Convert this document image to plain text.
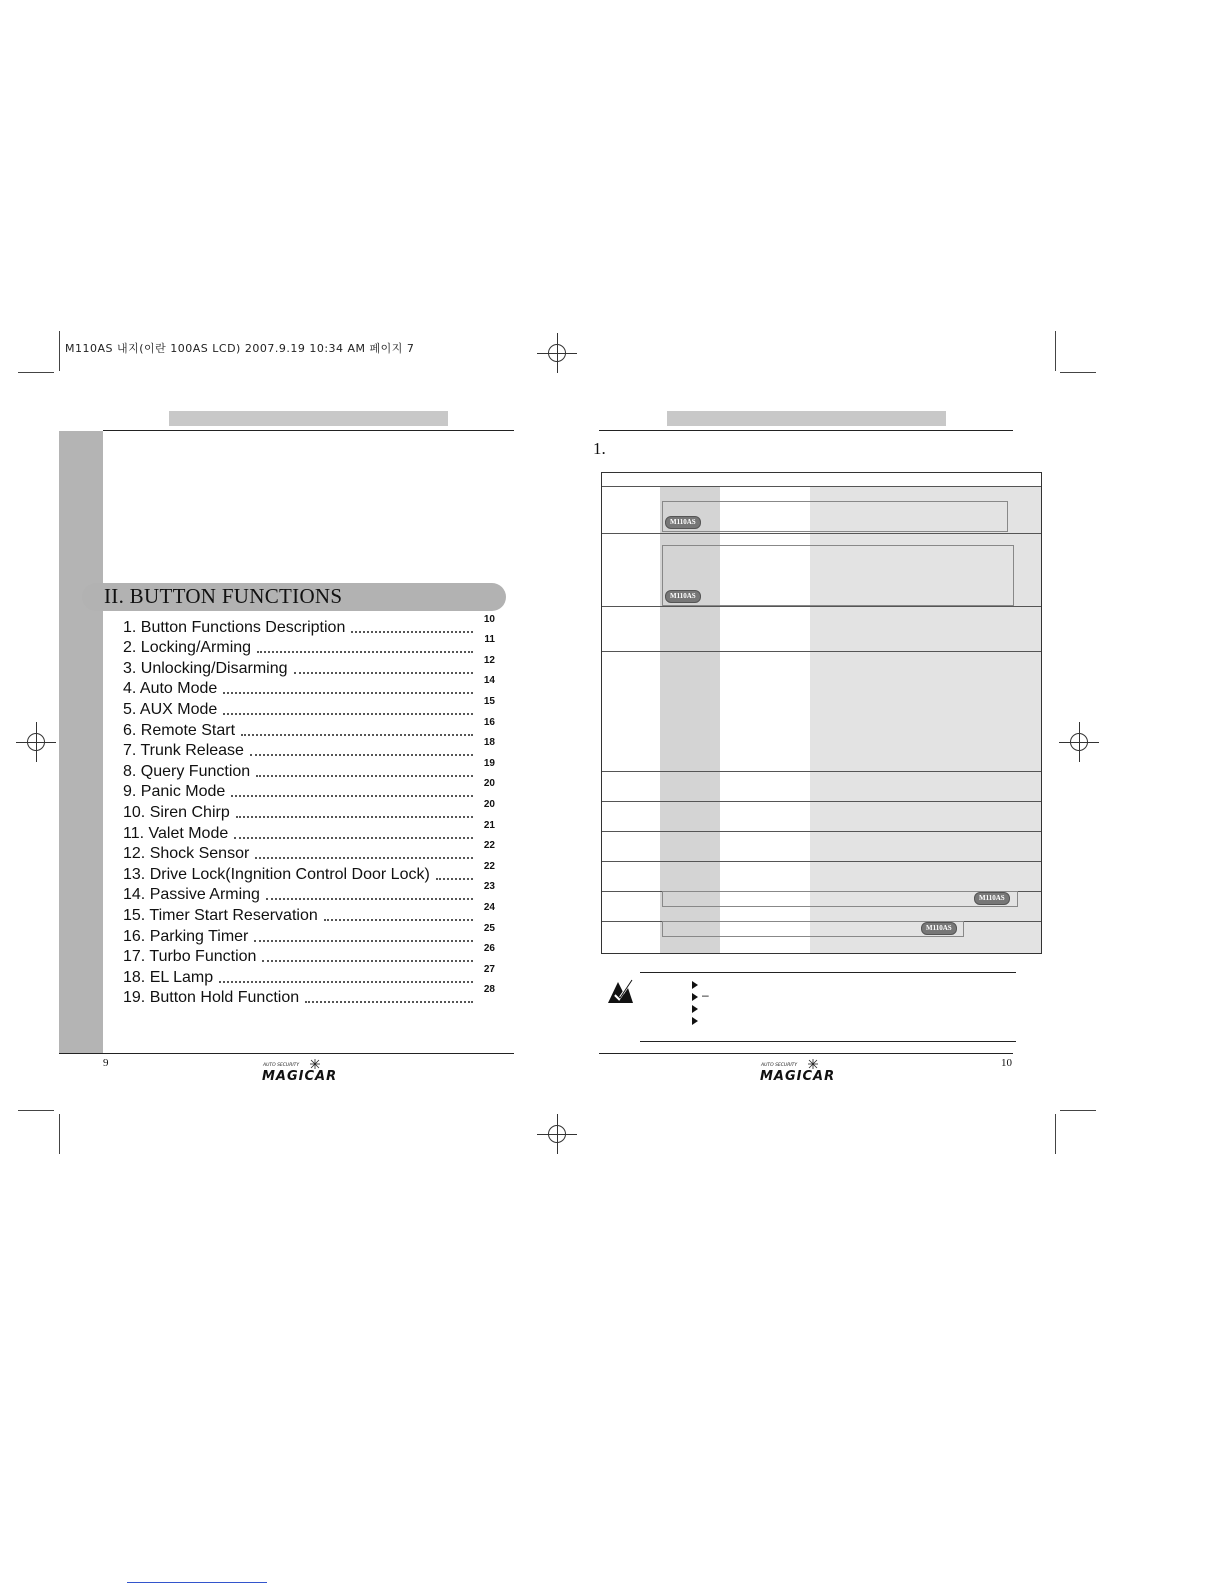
M110AS 내지(이란 100AS LCD) 2007.9.19 10:34 AM 페이지 7
II. BUTTON FUNCTIONS
1. Button Functions Description	10
2. Locking/Arming	11
3. Unlocking/Disarming	12
4. Auto Mode	14
5. AUX Mode	15
6. Remote Start	16
7. Trunk Release	18
8. Query Function	19
9. Panic Mode	20
10. Siren Chirp	20
11. Valet Mode	21
12. Shock Sensor	22
13. Drive Lock(Ingnition Control Door Lock)	22
14. Passive Arming	23
15. Timer Start Reservation	24
16. Parking Timer	25
17. Turbo Function	26
18. EL Lamp	27
19. Button Hold Function	28
9	AUTO SECURITY
MAGICAR
1.
M110AS
M110AS
M110AS
M110AS
–
10
AUTO SECURITY
MAGICAR
